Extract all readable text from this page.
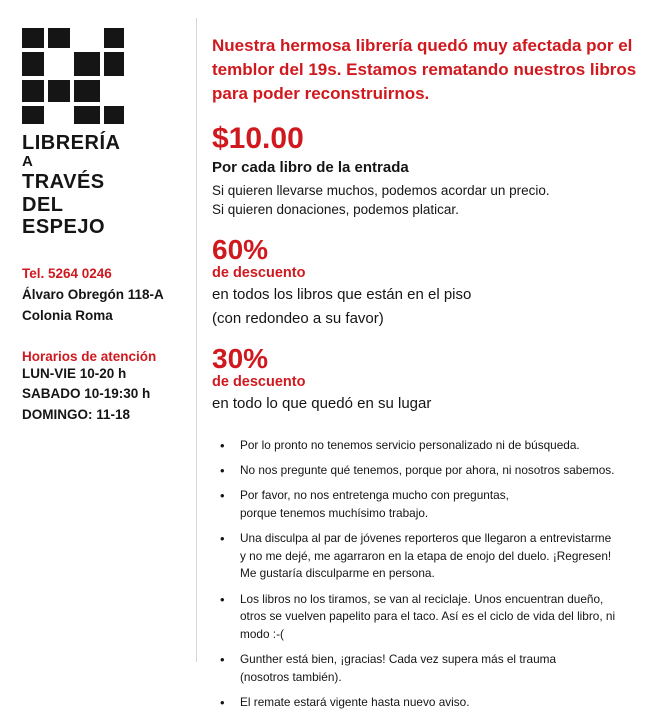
LIBRERÍA
A
TRAVÉS
DEL
ESPEJO
Tel. 5264 0246
Álvaro Obregón 118-A
Colonia Roma
Horarios de atención
LUN-VIE 10-20 h
SABADO 10-19:30 h
DOMINGO: 11-18
Nuestra hermosa librería quedó muy afectada por el temblor del 19s. Estamos rematando nuestros libros para poder reconstruirnos.
$10.00
Por cada libro de la entrada
Si quieren llevarse muchos, podemos acordar un precio.
Si quieren donaciones, podemos platicar.
60%
de descuento
en todos los libros que están en el piso
(con redondeo a su favor)
30%
de descuento
en todo lo que quedó en su lugar
• Por lo pronto no tenemos servicio personalizado ni de búsqueda.
• No nos pregunte qué tenemos, porque por ahora, ni nosotros sabemos.
• Por favor, no nos entretenga mucho con preguntas,
porque tenemos muchísimo trabajo.
• Una disculpa al par de jóvenes reporteros que llegaron a entrevistarme
y no me dejé, me agarraron en la etapa de enojo del duelo. ¡Regresen!
Me gustaría disculparme en persona.
• Los libros no los tiramos, se van al reciclaje. Unos encuentran dueño,
otros se vuelven papelito para el taco. Así es el ciclo de vida del libro, ni
modo :-(
• Gunther está bien, ¡gracias! Cada vez supera más el trauma
(nosotros también).
• El remate estará vigente hasta nuevo aviso.
